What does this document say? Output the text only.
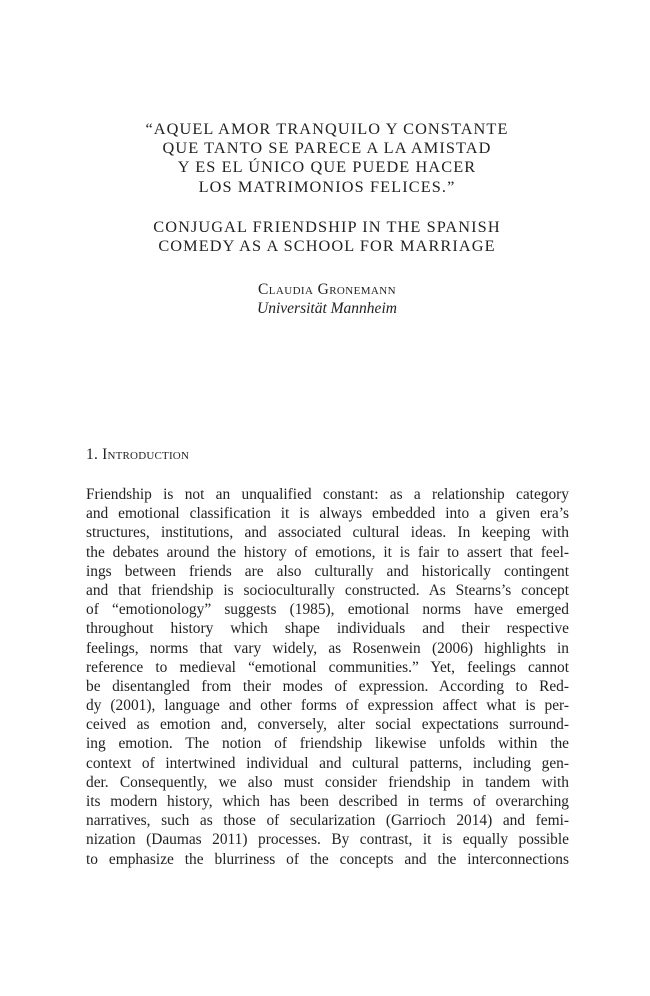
“AQUEL AMOR TRANQUILO Y CONSTANTE
QUE TANTO SE PARECE A LA AMISTAD
Y ES EL ÚNICO QUE PUEDE HACER
LOS MATRIMONIOS FELICES.”
CONJUGAL FRIENDSHIP IN THE SPANISH
COMEDY AS A SCHOOL FOR MARRIAGE
Claudia Gronemann
Universität Mannheim
1. Introduction
Friendship is not an unqualified constant: as a relationship category
and emotional classification it is always embedded into a given era’s
structures, institutions, and associated cultural ideas. In keeping with
the debates around the history of emotions, it is fair to assert that feel-
ings between friends are also culturally and historically contingent
and that friendship is socioculturally constructed. As Stearns’s concept
of “emotionology” suggests (1985), emotional norms have emerged
throughout history which shape individuals and their respective
feelings, norms that vary widely, as Rosenwein (2006) highlights in
reference to medieval “emotional communities.” Yet, feelings cannot
be disentangled from their modes of expression. According to Red-
dy (2001), language and other forms of expression affect what is per-
ceived as emotion and, conversely, alter social expectations surround-
ing emotion. The notion of friendship likewise unfolds within the
context of intertwined individual and cultural patterns, including gen-
der. Consequently, we also must consider friendship in tandem with
its modern history, which has been described in terms of overarching
narratives, such as those of secularization (Garrioch 2014) and femi-
nization (Daumas 2011) processes. By contrast, it is equally possible
to emphasize the blurriness of the concepts and the interconnections
